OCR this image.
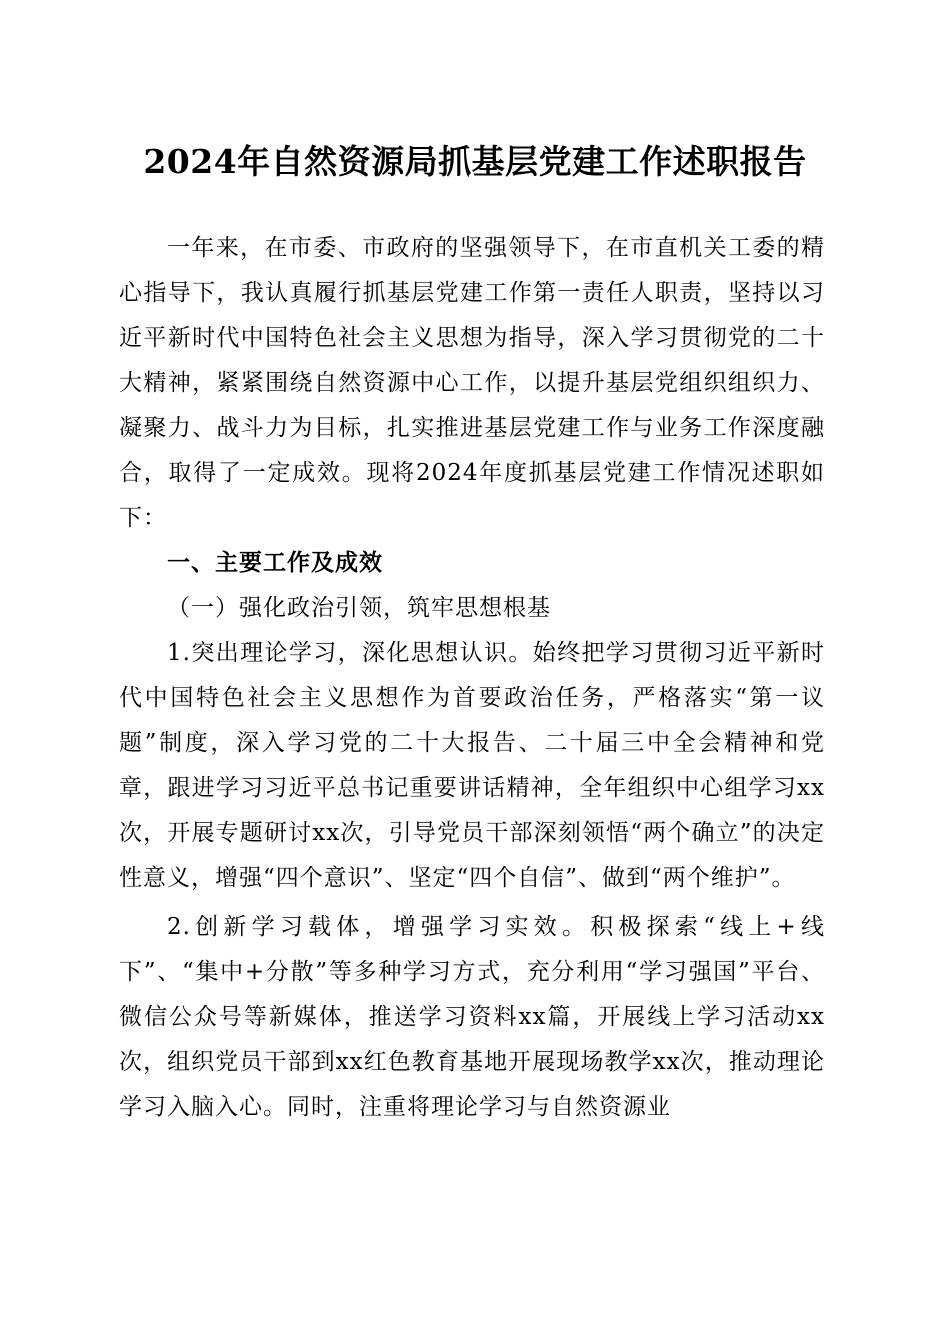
2024年自然资源局抓基层党建工作述职报告

一年来，在市委、市政府的坚强领导下，在市直机关工委的精心指导下，我认真履行抓基层党建工作第一责任人职责，坚持以习近平新时代中国特色社会主义思想为指导，深入学习贯彻党的二十大精神，紧紧围绕自然资源中心工作，以提升基层党组织组织力、凝聚力、战斗力为目标，扎实推进基层党建工作与业务工作深度融合，取得了一定成效。现将2024年度抓基层党建工作情况述职如下：

一、主要工作及成效

（一）强化政治引领，筑牢思想根基

1.突出理论学习，深化思想认识。始终把学习贯彻习近平新时代中国特色社会主义思想作为首要政治任务，严格落实“第一议题”制度，深入学习党的二十大报告、二十届三中全会精神和党章，跟进学习习近平总书记重要讲话精神，全年组织中心组学习xx次，开展专题研讨xx次，引导党员干部深刻领悟“两个确立”的决定性意义，增强“四个意识”、坚定“四个自信”、做到“两个维护”。

2.创新学习载体，增强学习实效。积极探索“线上+线下”、“集中+分散”等多种学习方式，充分利用“学习强国”平台、微信公众号等新媒体，推送学习资料xx篇，开展线上学习活动xx次，组织党员干部到xx红色教育基地开展现场教学xx次，推动理论学习入脑入心。同时，注重将理论学习与自然资源业
